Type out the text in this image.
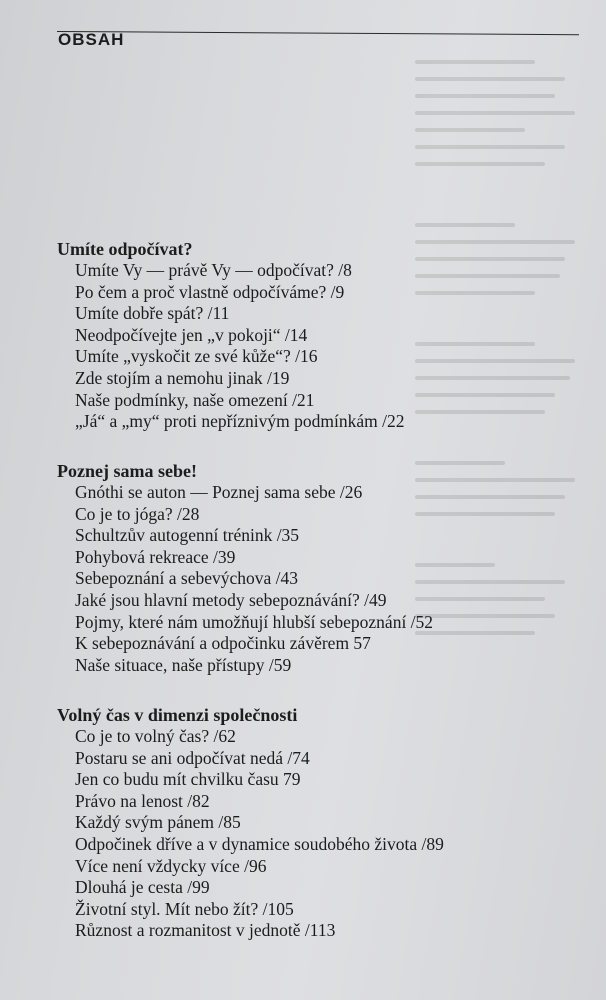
OBSAH
Umíte odpočívat?
Umíte Vy — právě Vy — odpočívat? /8
Po čem a proč vlastně odpočíváme? /9
Umíte dobře spát? /11
Neodpočívejte jen „v pokoji“ /14
Umíte „vyskočit ze své kůže“? /16
Zde stojím a nemohu jinak /19
Naše podmínky, naše omezení /21
„Já“ a „my“ proti nepříznivým podmínkám /22
Poznej sama sebe!
Gnóthi se auton — Poznej sama sebe /26
Co je to jóga? /28
Schultzův autogenní trénink /35
Pohybová rekreace /39
Sebepoznání a sebevýchova /43
Jaké jsou hlavní metody sebepoznávání? /49
Pojmy, které nám umožňují hlubší sebepoznání /52
K sebepoznávání a odpočinku závěrem 57
Naše situace, naše přístupy /59
Volný čas v dimenzi společnosti
Co je to volný čas? /62
Postaru se ani odpočívat nedá /74
Jen co budu mít chvilku času 79
Právo na lenost /82
Každý svým pánem /85
Odpočinek dříve a v dynamice soudobého života /89
Více není vždycky více /96
Dlouhá je cesta /99
Životní styl. Mít nebo žít? /105
Různost a rozmanitost v jednotě /113
